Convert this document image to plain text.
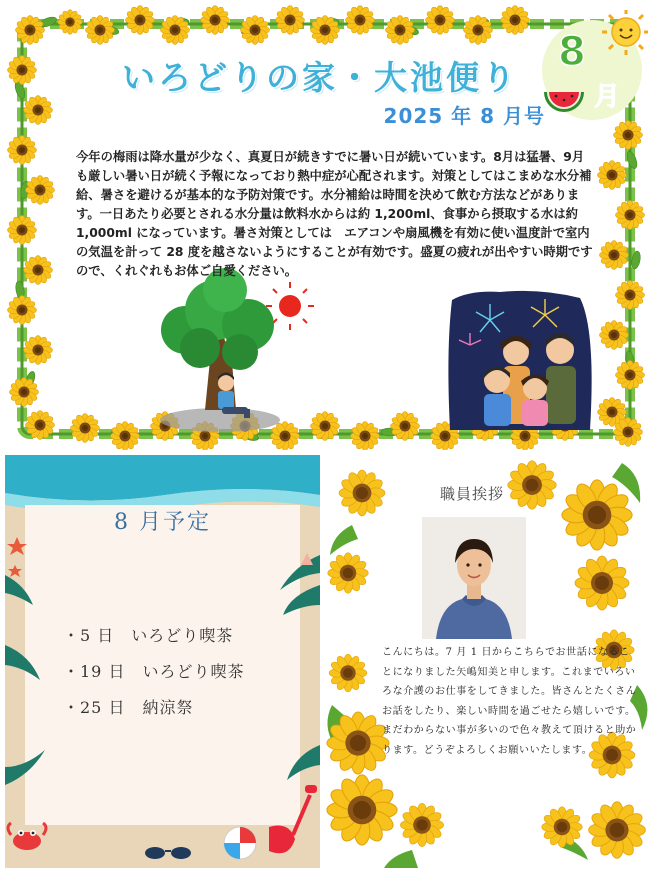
いろどりの家・大池便り
2025 年 8 月号
8
月
今年の梅雨は降水量が少なく、真夏日が続きすでに暑い日が続いています。8月は猛暑、9月も厳しい暑い日が続く予報になっており熱中症が心配されます。対策としてはこまめな水分補給、暑さを避けるが基本的な予防対策です。水分補給は時間を決めて飲む方法などがあります。一日あたり必要とされる水分量は飲料水からは約 1,200ml、食事から摂取する水は約 1,000ml になっています。暑さ対策としては　エアコンや扇風機を有効に使い温度計で室内の気温を計って 28 度を越さないようにすることが有効です。盛夏の疲れが出やすい時期ですので、くれぐれもお体ご自愛ください。
8 月予定
・5 日　いろどり喫茶
・19 日　いろどり喫茶
・25 日　納涼祭
職員挨拶
こんにちは。7 月 1 日からこちらでお世話になることになりました矢嶋知美と申します。これまでいろいろな介護のお仕事をしてきました。皆さんとたくさんお話をしたり、楽しい時間を過ごせたら嬉しいです。まだわからない事が多いので色々教えて頂けると助かります。どうぞよろしくお願いいたします。
